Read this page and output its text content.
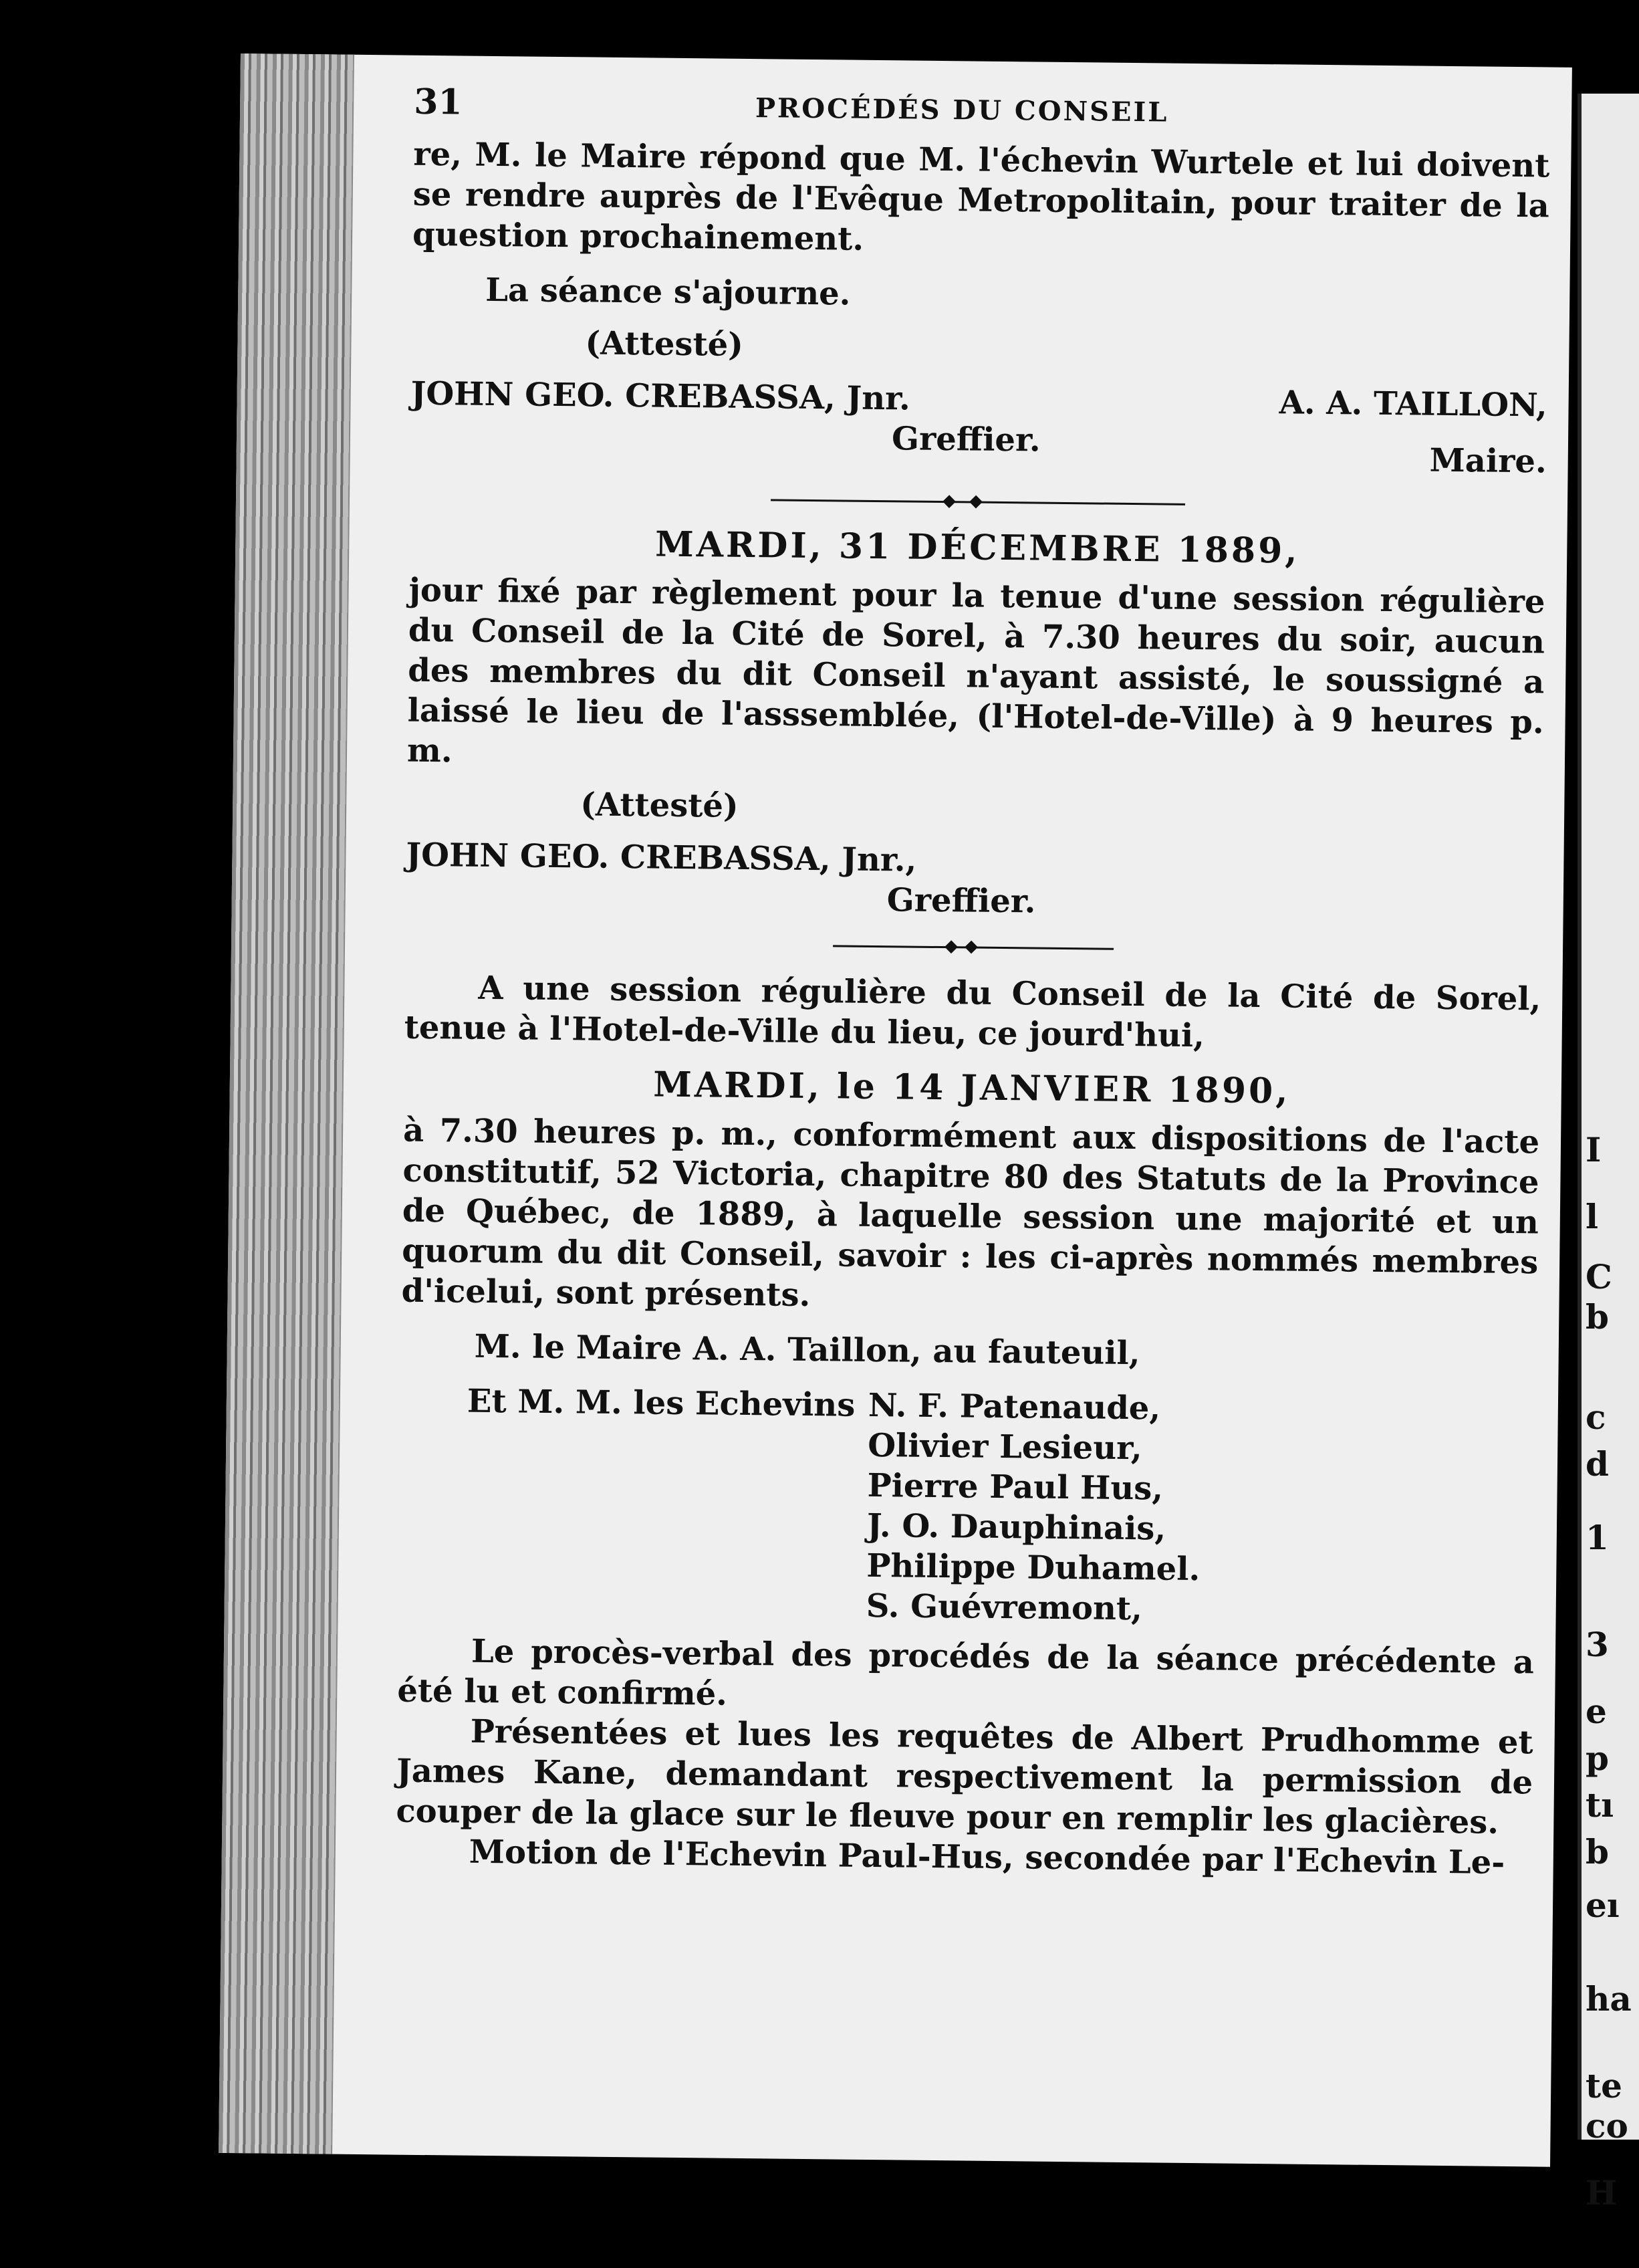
31	PROCÉDÉS DU CONSEIL

re, M. le Maire répond que M. l'échevin Wurtele et lui doivent se rendre auprès de l'Evêque Metropolitain, pour traiter de la question prochainement.

La séance s'ajourne.

(Attesté)
JOHN GEO. CREBASSA, Jnr.	A. A. TAILLON,
Greffier.
Maire.
MARDI, 31 DÉCEMBRE 1889,

jour fixé par règlement pour la tenue d'une session régulière du Conseil de la Cité de Sorel, à 7.30 heures du soir, aucun des membres du dit Conseil n'ayant assisté, le soussigné a laissé le lieu de l'asssemblée, (l'Hotel-de-Ville) à 9 heures p. m.

(Attesté)
JOHN GEO. CREBASSA, Jnr.,
Greffier.

A une session régulière du Conseil de la Cité de Sorel, tenue à l'Hotel-de-Ville du lieu, ce jourd'hui,

MARDI, le 14 JANVIER 1890,

à 7.30 heures p. m., conformément aux dispositions de l'acte constitutif, 52 Victoria, chapitre 80 des Statuts de la Province de Québec, de 1889, à laquelle session une majorité et un quorum du dit Conseil, savoir : les ci-après nommés membres d'icelui, sont présents.

M. le Maire A. A. Taillon, au fauteuil,

Et M. M. les Echevins N. F. Patenaude,
Olivier Lesieur,
Pierre Paul Hus,
J. O. Dauphinais,
Philippe Duhamel.
S. Guévremont,

Le procès-verbal des procédés de la séance précédente a été lu et confirmé.

Présentées et lues les requêtes de Albert Prudhomme et James Kane, demandant respectivement la permission de couper de la glace sur le fleuve pour en remplir les glacières.

Motion de l'Echevin Paul-Hus, secondée par l'Echevin Le-

I
l
C
b
c
d
1
3
e
p
tı
b
eı
ha
te
co
H
